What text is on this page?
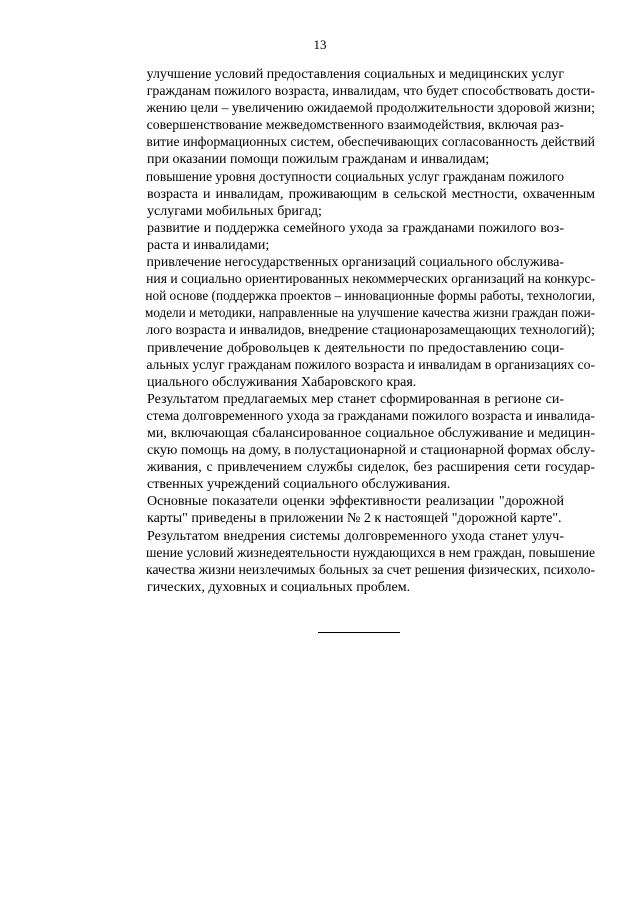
13

улучшение условий предоставления социальных и медицинских услуг
гражданам пожилого возраста, инвалидам, что будет способствовать дости-
жению цели – увеличению ожидаемой продолжительности здоровой жизни;

совершенствование межведомственного взаимодействия, включая раз-
витие информационных систем, обеспечивающих согласованность действий
при оказании помощи пожилым гражданам и инвалидам;

повышение уровня доступности социальных услуг гражданам пожилого
возраста и инвалидам, проживающим в сельской местности, охваченным
услугами мобильных бригад;

развитие и поддержка семейного ухода за гражданами пожилого воз-
раста и инвалидами;

привлечение негосударственных организаций социального обслужива-
ния и социально ориентированных некоммерческих организаций на конкурс-
ной основе (поддержка проектов – инновационные формы работы, технологии,
модели и методики, направленные на улучшение качества жизни граждан пожи-
лого возраста и инвалидов, внедрение стационарозамещающих технологий);

привлечение добровольцев к деятельности по предоставлению соци-
альных услуг гражданам пожилого возраста и инвалидам в организациях со-
циального обслуживания Хабаровского края.

Результатом предлагаемых мер станет сформированная в регионе си-
стема долговременного ухода за гражданами пожилого возраста и инвалида-
ми, включающая сбалансированное социальное обслуживание и медицин-
скую помощь на дому, в полустационарной и стационарной формах обслу-
живания, с привлечением службы сиделок, без расширения сети государ-
ственных учреждений социального обслуживания.

Основные показатели оценки эффективности реализации "дорожной
карты" приведены в приложении № 2 к настоящей "дорожной карте".

Результатом внедрения системы долговременного ухода станет улуч-
шение условий жизнедеятельности нуждающихся в нем граждан, повышение
качества жизни неизлечимых больных за счет решения физических, психоло-
гических, духовных и социальных проблем.
